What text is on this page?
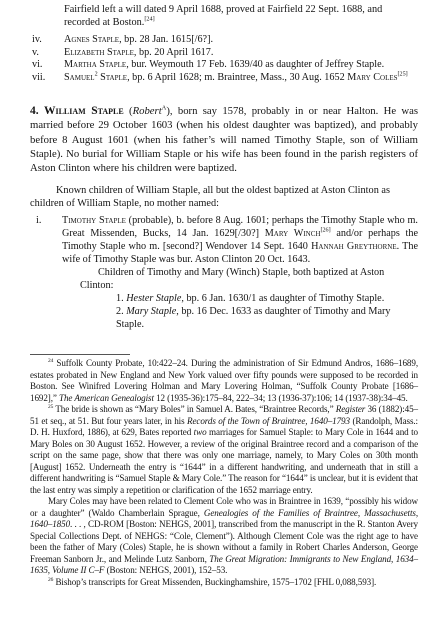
Fairfield left a will dated 9 April 1688, proved at Fairfield 22 Sept. 1688, and
recorded at Boston.[24]
iv.	Agnes Staple, bp. 28 Jan. 1615[/6?].
v.	Elizabeth Staple, bp. 20 April 1617.
vi.	Martha Staple, bur. Weymouth 17 Feb. 1639/40 as daughter of Jeffrey Staple.
vii.	Samuel$^2$ Staple, bp. 6 April 1628; m. Braintree, Mass., 30 Aug. 1652 Mary Coles[25]
4. William Staple (Robert$^A$), born say 1578, probably in or near Halton. He was married before 29 October 1603 (when his oldest daughter was baptized), and probably before 8 August 1601 (when his father’s will named Timothy Staple, son of William Staple). No burial for William Staple or his wife has been found in the parish registers of Aston Clinton where his children were baptized.
Known children of William Staple, all but the oldest baptized at Aston Clinton as children of William Staple, no mother named:
i.	Timothy Staple (probable), b. before 8 Aug. 1601; perhaps the Timothy Staple who m. Great Missenden, Bucks, 14 Jan. 1629[/30?] Mary Winch[26] and/or perhaps the Timothy Staple who m. [second?] Wendover 14 Sept. 1640 Hannah Greythorne. The wife of Timothy Staple was bur. Aston Clinton 20 Oct. 1643.
Children of Timothy and Mary (Winch) Staple, both baptized at Aston Clinton:
1. Hester Staple, bp. 6 Jan. 1630/1 as daughter of Timothy Staple.
2. Mary Staple, bp. 16 Dec. 1633 as daughter of Timothy and Mary Staple.

$^{24}$ Suffolk County Probate, 10:422–24. During the administration of Sir Edmund Andros, 1686–1689, estates probated in New England and New York valued over fifty pounds were supposed to be recorded in Boston. See Winifred Lovering Holman and Mary Lovering Holman, “Suffolk County Probate [1686–1692],” The American Genealogist 12 (1935-36):175–84, 222–34; 13 (1936-37):106; 14 (1937-38):34–45.

$^{25}$ The bride is shown as “Mary Boles” in Samuel A. Bates, “Braintree Records,” Register 36 (1882):45–51 et seq., at 51. But four years later, in his Records of the Town of Braintree, 1640–1793 (Randolph, Mass.: D. H. Huxford, 1886), at 629, Bates reported two marriages for Samuel Staple: to Mary Cole in 1644 and to Mary Boles on 30 August 1652. However, a review of the original Braintree record and a comparison of the script on the same page, show that there was only one marriage, namely, to Mary Coles on 30th month [August] 1652. Underneath the entry is “1644” in a different handwriting, and underneath that in still a different handwriting is “Samuel Staple & Mary Cole.” The reason for “1644” is unclear, but it is evident that the last entry was simply a repetition or clarification of the 1652 marriage entry.

Mary Coles may have been related to Clement Cole who was in Braintree in 1639, “possibly his widow or a daughter” (Waldo Chamberlain Sprague, Genealogies of the Families of Braintree, Massachusetts, 1640–1850. . . , CD-ROM [Boston: NEHGS, 2001], transcribed from the manuscript in the R. Stanton Avery Special Collections Dept. of NEHGS: “Cole, Clement”). Although Clement Cole was the right age to have been the father of Mary (Coles) Staple, he is shown without a family in Robert Charles Anderson, George Freeman Sanborn Jr., and Melinde Lutz Sanborn, The Great Migration: Immigrants to New England, 1634–1635, Volume II C–F (Boston: NEHGS, 2001), 152–53.

$^{26}$ Bishop’s transcripts for Great Missenden, Buckinghamshire, 1575–1702 [FHL 0,088,593].
